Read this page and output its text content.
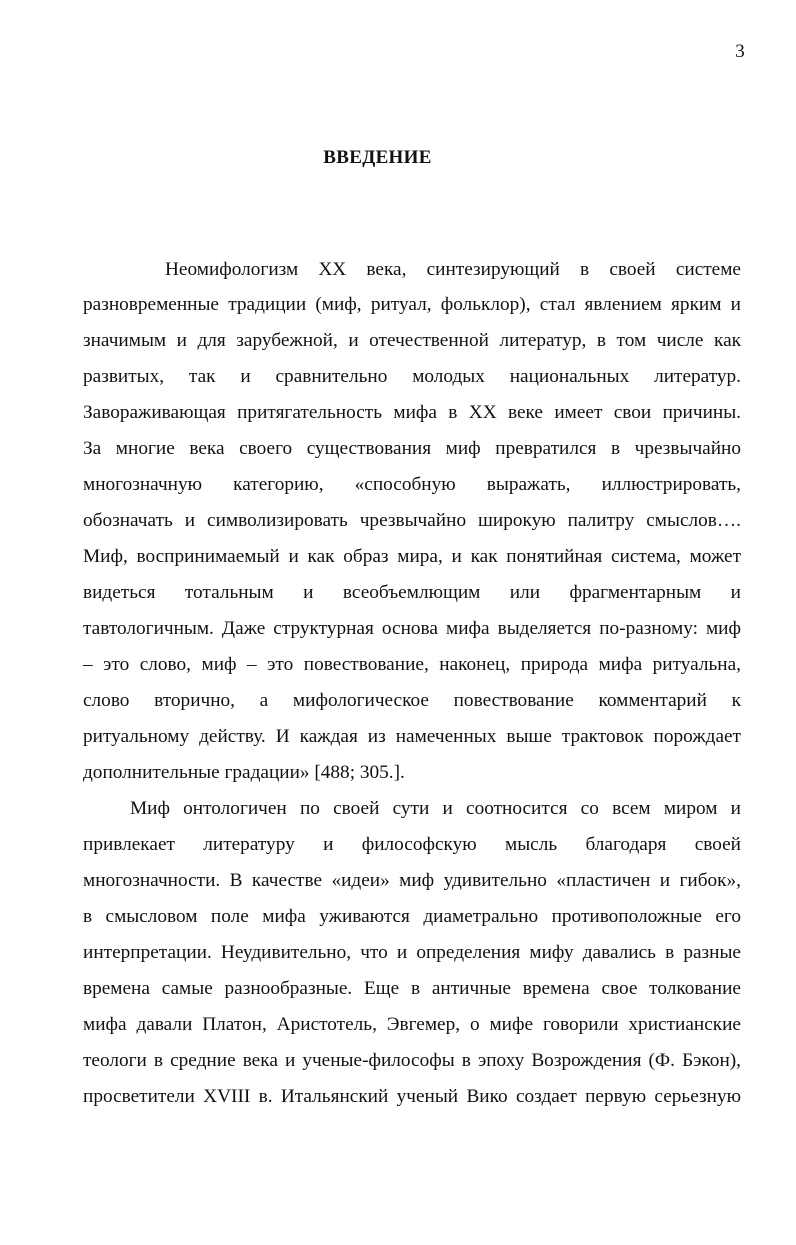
3
ВВЕДЕНИЕ
Неомифологизм XX века, синтезирующий в своей системе
разновременные традиции (миф, ритуал, фольклор), стал явлением ярким и
значимым и для зарубежной, и отечественной литератур, в том числе как
развитых, так и сравнительно молодых национальных литератур.
Завораживающая притягательность мифа в XX веке имеет свои причины.
За многие века своего существования миф превратился в чрезвычайно
многозначную категорию, «способную выражать, иллюстрировать,
обозначать и символизировать чрезвычайно широкую палитру смыслов….
Миф, воспринимаемый и как образ мира, и как понятийная система, может
видеться тотальным и всеобъемлющим или фрагментарным и
тавтологичным. Даже структурная основа мифа выделяется по-разному: миф
– это слово, миф – это повествование, наконец, природа мифа ритуальна,
слово вторично, а мифологическое повествование комментарий к
ритуальному действу. И каждая из намеченных выше трактовок порождает
дополнительные градации» [488; 305.].
Миф онтологичен по своей сути и соотносится со всем миром и
привлекает литературу и философскую мысль благодаря своей
многозначности. В качестве «идеи» миф удивительно «пластичен и гибок»,
в смысловом поле мифа уживаются диаметрально противоположные его
интерпретации. Неудивительно, что и определения мифу давались в разные
времена самые разнообразные. Еще в античные времена свое толкование
мифа давали Платон, Аристотель, Эвгемер, о мифе говорили христианские
теологи в средние века и ученые-философы в эпоху Возрождения (Ф. Бэкон),
просветители XVIII в. Итальянский ученый Вико создает первую серьезную
